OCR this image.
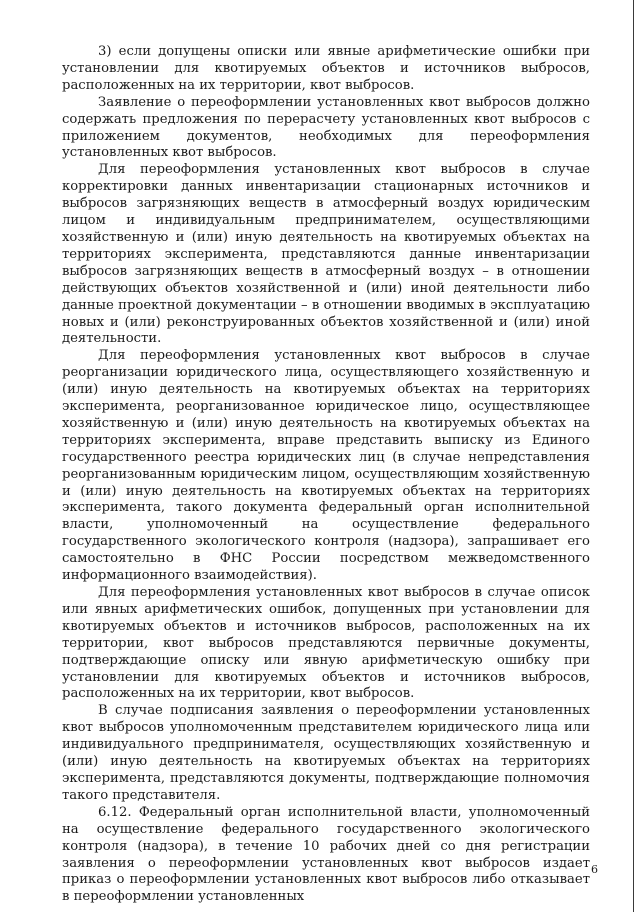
3) если допущены описки или явные арифметические ошибки при установлении для квотируемых объектов и источников выбросов, расположенных на их территории, квот выбросов.

Заявление о переоформлении установленных квот выбросов должно содержать предложения по перерасчету установленных квот выбросов с приложением документов, необходимых для переоформления установленных квот выбросов.

Для переоформления установленных квот выбросов в случае корректировки данных инвентаризации стационарных источников и выбросов загрязняющих веществ в атмосферный воздух юридическим лицом и индивидуальным предпринимателем, осуществляющими хозяйственную и (или) иную деятельность на квотируемых объектах на территориях эксперимента, представляются данные инвентаризации выбросов загрязняющих веществ в атмосферный воздух – в отношении действующих объектов хозяйственной и (или) иной деятельности либо данные проектной документации – в отношении вводимых в эксплуатацию новых и (или) реконструированных объектов хозяйственной и (или) иной деятельности.

Для переоформления установленных квот выбросов в случае реорганизации юридического лица, осуществляющего хозяйственную и (или) иную деятельность на квотируемых объектах на территориях эксперимента, реорганизованное юридическое лицо, осуществляющее хозяйственную и (или) иную деятельность на квотируемых объектах на территориях эксперимента, вправе представить выписку из Единого государственного реестра юридических лиц (в случае непредставления реорганизованным юридическим лицом, осуществляющим хозяйственную и (или) иную деятельность на квотируемых объектах на территориях эксперимента, такого документа федеральный орган исполнительной власти, уполномоченный на осуществление федерального государственного экологического контроля (надзора), запрашивает его самостоятельно в ФНС России посредством межведомственного информационного взаимодействия).

Для переоформления установленных квот выбросов в случае описок или явных арифметических ошибок, допущенных при установлении для квотируемых объектов и источников выбросов, расположенных на их территории, квот выбросов представляются первичные документы, подтверждающие описку или явную арифметическую ошибку при установлении для квотируемых объектов и источников выбросов, расположенных на их территории, квот выбросов.

В случае подписания заявления о переоформлении установленных квот выбросов уполномоченным представителем юридического лица или индивидуального предпринимателя, осуществляющих хозяйственную и (или) иную деятельность на квотируемых объектах на территориях эксперимента, представляются документы, подтверждающие полномочия такого представителя.

6.12. Федеральный орган исполнительной власти, уполномоченный на осуществление федерального государственного экологического контроля (надзора), в течение 10 рабочих дней со дня регистрации заявления о переоформлении установленных квот выбросов издает приказ о переоформлении установленных квот выбросов либо отказывает в переоформлении установленных

6
